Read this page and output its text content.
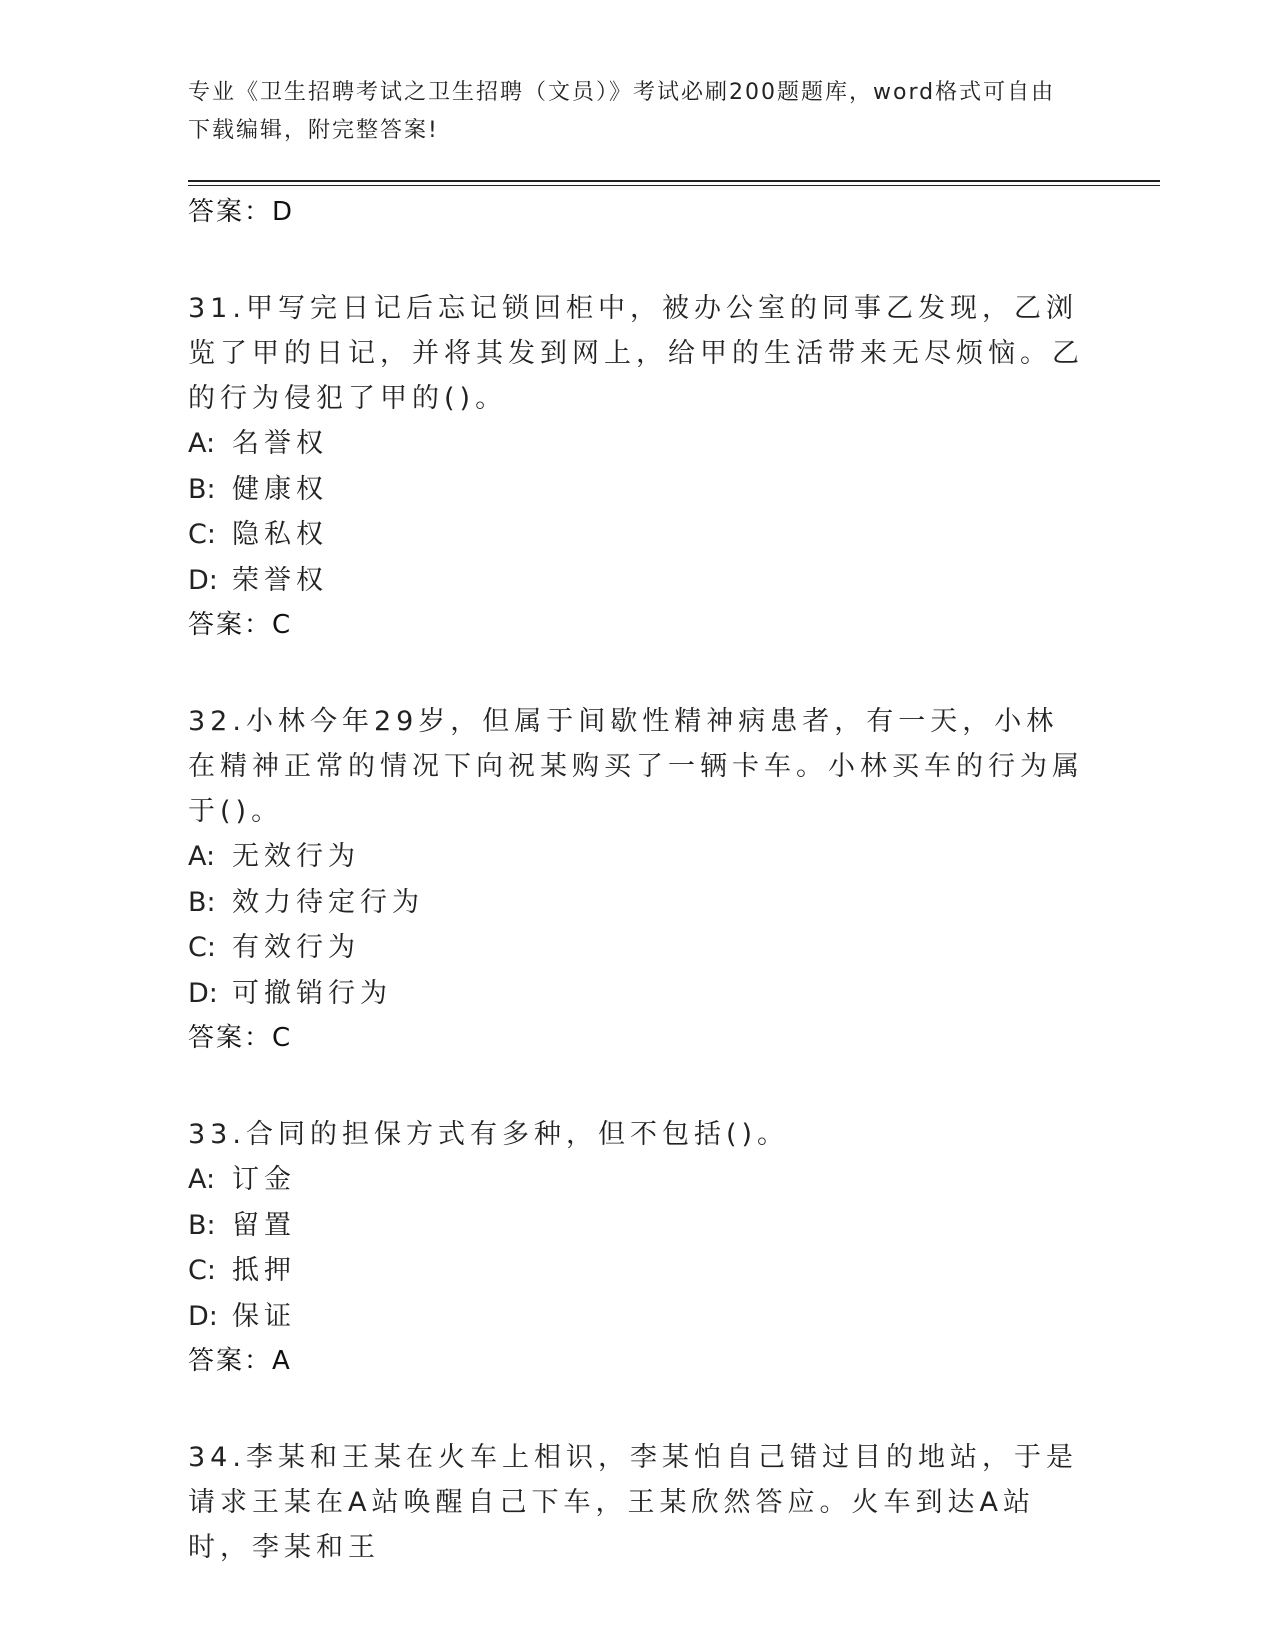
专业《卫生招聘考试之卫生招聘（文员）》考试必刷200题题库，word格式可自由下载编辑，附完整答案!
答案：D
31.甲写完日记后忘记锁回柜中，被办公室的同事乙发现，乙浏览了甲的日记，并将其发到网上，给甲的生活带来无尽烦恼。乙的行为侵犯了甲的()。
A: 名誉权
B: 健康权
C: 隐私权
D: 荣誉权
答案：C
32.小林今年29岁，但属于间歇性精神病患者，有一天，小林在精神正常的情况下向祝某购买了一辆卡车。小林买车的行为属于()。
A: 无效行为
B: 效力待定行为
C: 有效行为
D: 可撤销行为
答案：C
33.合同的担保方式有多种，但不包括()。
A: 订金
B: 留置
C: 抵押
D: 保证
答案：A
34.李某和王某在火车上相识，李某怕自己错过目的地站，于是请求王某在A站唤醒自己下车，王某欣然答应。火车到达A站时，李某和王
